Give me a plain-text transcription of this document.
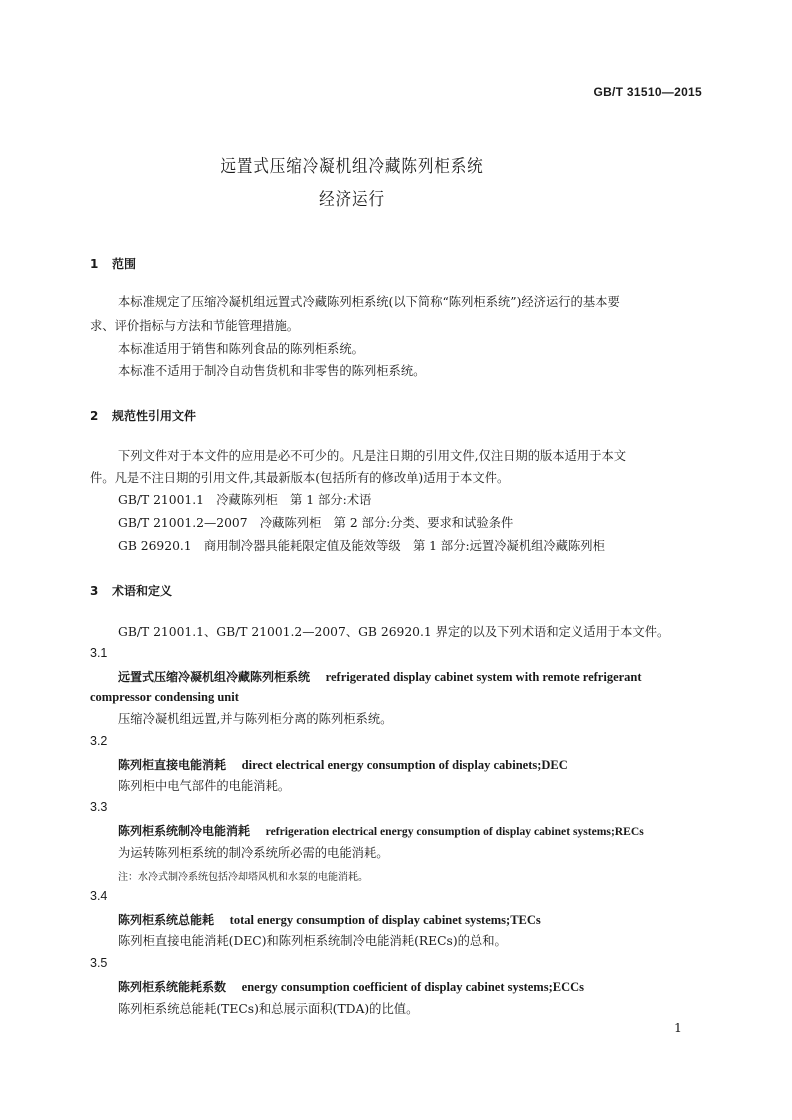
GB/T 31510—2015
远置式压缩冷凝机组冷藏陈列柜系统
经济运行
1 范围
本标准规定了压缩冷凝机组远置式冷藏陈列柜系统(以下简称“陈列柜系统”)经济运行的基本要
求、评价指标与方法和节能管理措施。
本标准适用于销售和陈列食品的陈列柜系统。
本标准不适用于制冷自动售货机和非零售的陈列柜系统。
2 规范性引用文件
下列文件对于本文件的应用是必不可少的。凡是注日期的引用文件,仅注日期的版本适用于本文
件。凡是不注日期的引用文件,其最新版本(包括所有的修改单)适用于本文件。
GB/T 21001.1　冷藏陈列柜　第 1 部分:术语
GB/T 21001.2—2007　冷藏陈列柜　第 2 部分:分类、要求和试验条件
GB 26920.1　商用制冷器具能耗限定值及能效等级　第 1 部分:远置冷凝机组冷藏陈列柜
3 术语和定义
GB/T 21001.1、GB/T 21001.2—2007、GB 26920.1 界定的以及下列术语和定义适用于本文件。
3.1
远置式压缩冷凝机组冷藏陈列柜系统 refrigerated display cabinet system with remote refrigerant
compressor condensing unit
压缩冷凝机组远置,并与陈列柜分离的陈列柜系统。
3.2
陈列柜直接电能消耗 direct electrical energy consumption of display cabinets;DEC
陈列柜中电气部件的电能消耗。
3.3
陈列柜系统制冷电能消耗 refrigeration electrical energy consumption of display cabinet systems;RECs
为运转陈列柜系统的制冷系统所必需的电能消耗。
注：水冷式制冷系统包括冷却塔风机和水泵的电能消耗。
3.4
陈列柜系统总能耗 total energy consumption of display cabinet systems;TECs
陈列柜直接电能消耗(DEC)和陈列柜系统制冷电能消耗(RECs)的总和。
3.5
陈列柜系统能耗系数 energy consumption coefficient of display cabinet systems;ECCs
陈列柜系统总能耗(TECs)和总展示面积(TDA)的比值。
1
